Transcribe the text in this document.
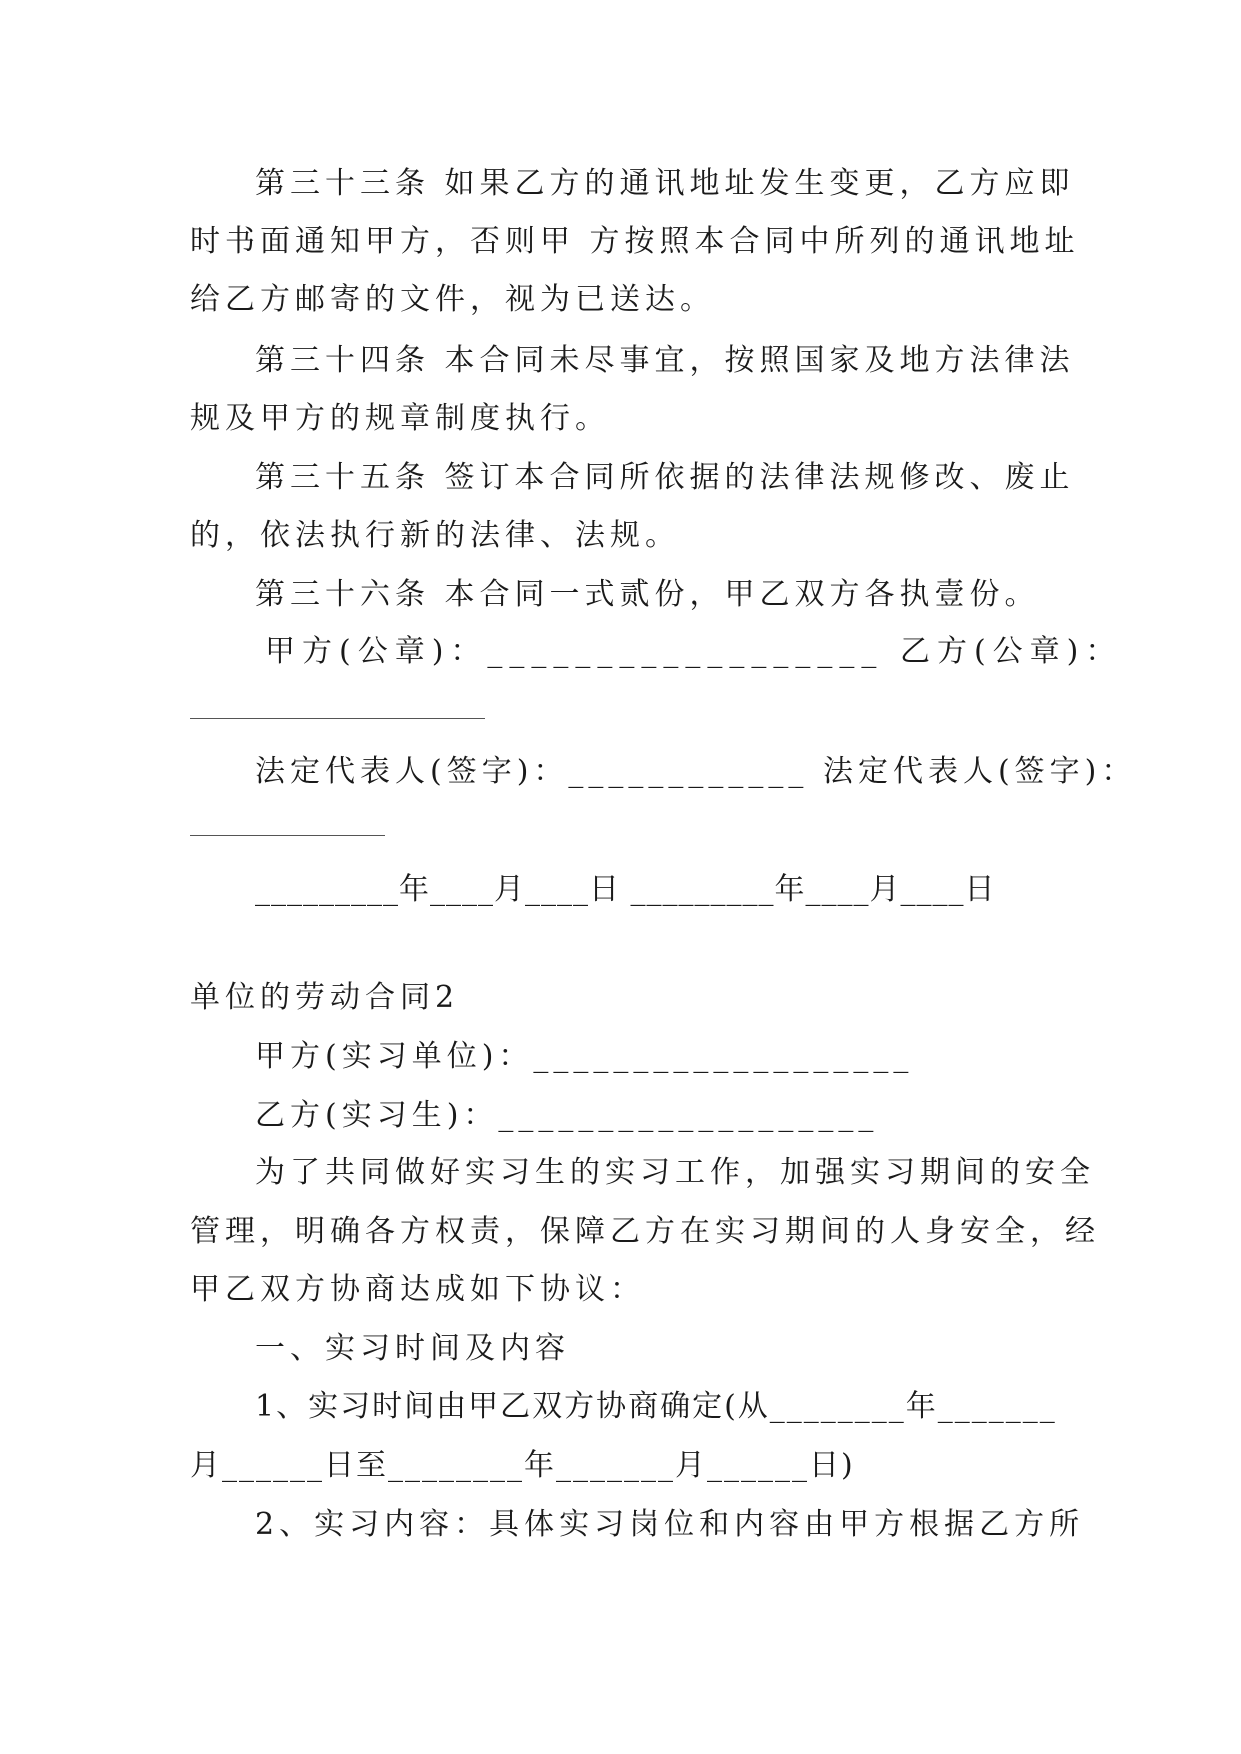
第三十三条 如果乙方的通讯地址发生变更，乙方应即
时书面通知甲方，否则甲 方按照本合同中所列的通讯地址
给乙方邮寄的文件，视为已送达。
第三十四条 本合同未尽事宜，按照国家及地方法律法
规及甲方的规章制度执行。
第三十五条 签订本合同所依据的法律法规修改、废止
的，依法执行新的法律、法规。
第三十六条 本合同一式贰份，甲乙双方各执壹份。
甲方(公章)：__________________ 乙方(公章)：
法定代表人(签字)：____________ 法定代表人(签字)：
_________年____月____日 _________年____月____日
单位的劳动合同2
甲方(实习单位)：___________________
乙方(实习生)：___________________
为了共同做好实习生的实习工作，加强实习期间的安全
管理，明确各方权责，保障乙方在实习期间的人身安全，经
甲乙双方协商达成如下协议：
一、实习时间及内容
1、实习时间由甲乙双方协商确定(从________年_______
月______日至________年_______月______日)
2、实习内容：具体实习岗位和内容由甲方根据乙方所
